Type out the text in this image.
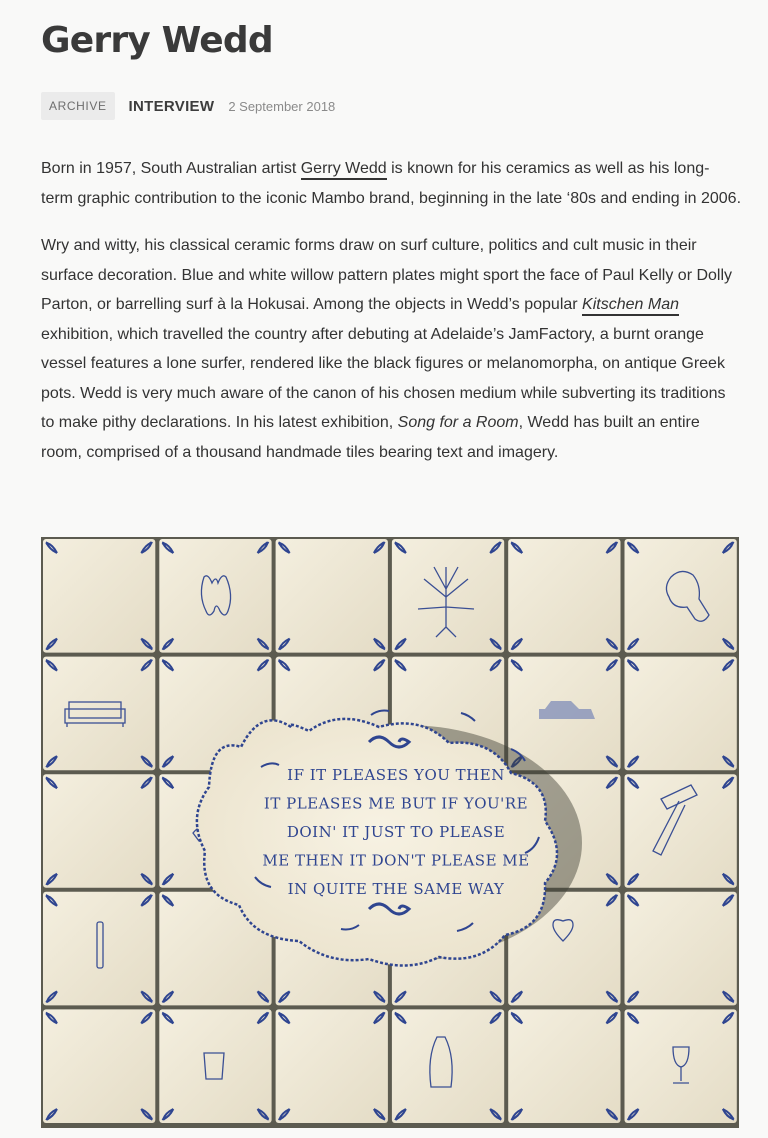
Gerry Wedd
ARCHIVE	INTERVIEW 2 September 2018

Born in 1957, South Australian artist Gerry Wedd is known for his ceramics as well as his long-term graphic contribution to the iconic Mambo brand, beginning in the late ‘80s and ending in 2006.

Wry and witty, his classical ceramic forms draw on surf culture, politics and cult music in their surface decoration. Blue and white willow pattern plates might sport the face of Paul Kelly or Dolly Parton, or barrelling surf à la Hokusai. Among the objects in Wedd’s popular Kitschen Man exhibition, which travelled the country after debuting at Adelaide’s JamFactory, a burnt orange vessel features a lone surfer, rendered like the black figures or melanomorpha, on antique Greek pots. Wedd is very much aware of the canon of his chosen medium while subverting its traditions to make pithy declarations. In his latest exhibition, Song for a Room, Wedd has built an entire room, comprised of a thousand handmade tiles bearing text and imagery.

IF IT PLEASES YOU THEN
IT PLEASES ME BUT IF YOU'RE
DOIN' IT JUST TO PLEASE
ME THEN IT DON'T PLEASE ME
IN QUITE THE SAME WAY
